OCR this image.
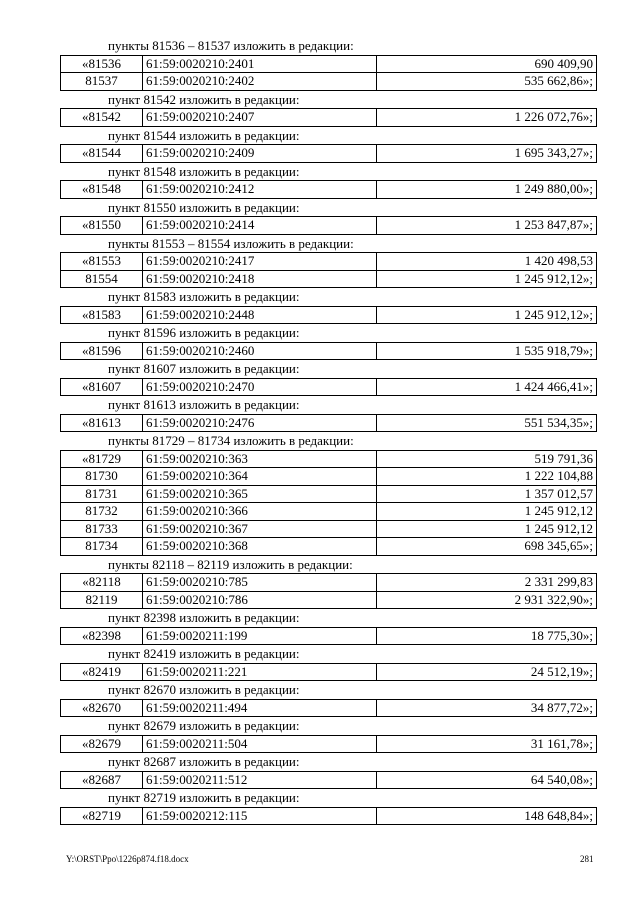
пункты 81536 – 81537 изложить в редакции:
«81536	61:59:0020210:2401	690 409,90
81537	61:59:0020210:2402	535 662,86»;
пункт 81542 изложить в редакции:
«81542	61:59:0020210:2407	1 226 072,76»;
пункт 81544 изложить в редакции:
«81544	61:59:0020210:2409	1 695 343,27»;
пункт 81548 изложить в редакции:
«81548	61:59:0020210:2412	1 249 880,00»;
пункт 81550 изложить в редакции:
«81550	61:59:0020210:2414	1 253 847,87»;
пункты 81553 – 81554 изложить в редакции:
«81553	61:59:0020210:2417	1 420 498,53
81554	61:59:0020210:2418	1 245 912,12»;
пункт 81583 изложить в редакции:
«81583	61:59:0020210:2448	1 245 912,12»;
пункт 81596 изложить в редакции:
«81596	61:59:0020210:2460	1 535 918,79»;
пункт 81607 изложить в редакции:
«81607	61:59:0020210:2470	1 424 466,41»;
пункт 81613 изложить в редакции:
«81613	61:59:0020210:2476	551 534,35»;
пункты 81729 – 81734 изложить в редакции:
«81729	61:59:0020210:363	519 791,36
81730	61:59:0020210:364	1 222 104,88
81731	61:59:0020210:365	1 357 012,57
81732	61:59:0020210:366	1 245 912,12
81733	61:59:0020210:367	1 245 912,12
81734	61:59:0020210:368	698 345,65»;
пункты 82118 – 82119 изложить в редакции:
«82118	61:59:0020210:785	2 331 299,83
82119	61:59:0020210:786	2 931 322,90»;
пункт 82398 изложить в редакции:
«82398	61:59:0020211:199	18 775,30»;
пункт 82419 изложить в редакции:
«82419	61:59:0020211:221	24 512,19»;
пункт 82670 изложить в редакции:
«82670	61:59:0020211:494	34 877,72»;
пункт 82679 изложить в редакции:
«82679	61:59:0020211:504	31 161,78»;
пункт 82687 изложить в редакции:
«82687	61:59:0020211:512	64 540,08»;
пункт 82719 изложить в редакции:
«82719	61:59:0020212:115	148 648,84»;
Y:\ORST\Ppo\1226p874.f18.docx	281
